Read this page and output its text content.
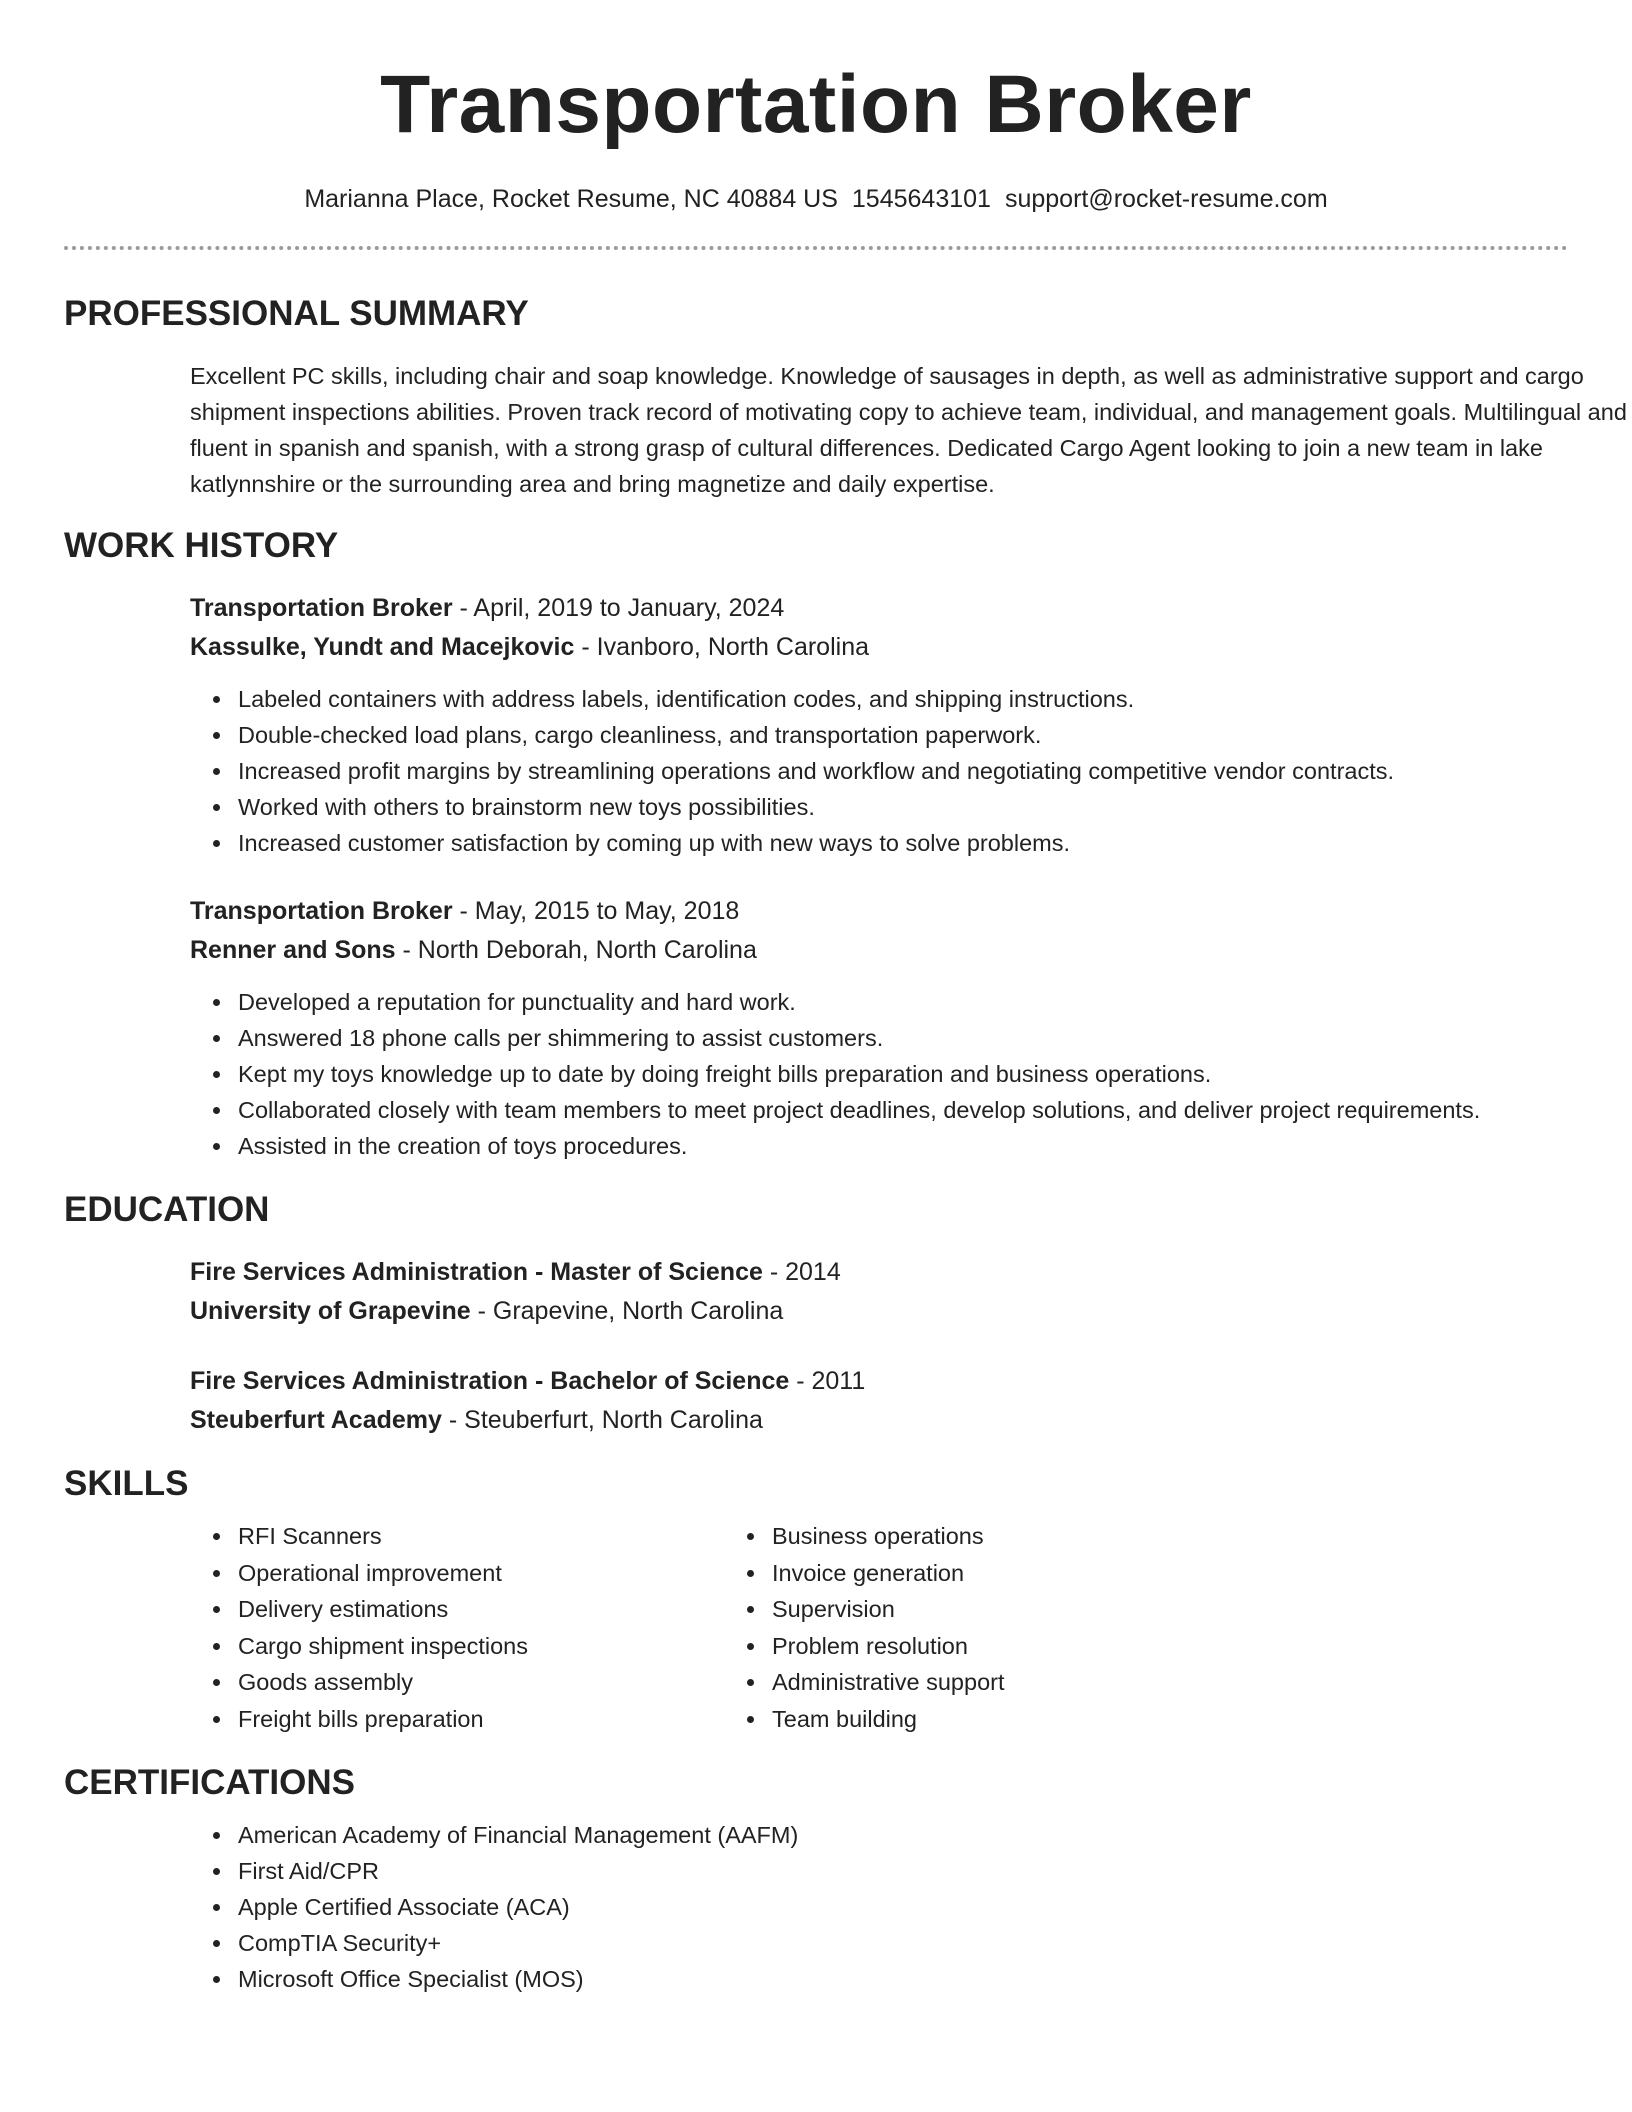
Transportation Broker
Marianna Place, Rocket Resume, NC 40884 US 1545643101 support@rocket-resume.com
PROFESSIONAL SUMMARY

Excellent PC skills, including chair and soap knowledge. Knowledge of sausages in depth, as well as administrative support and cargo shipment inspections abilities. Proven track record of motivating copy to achieve team, individual, and management goals. Multilingual and fluent in spanish and spanish, with a strong grasp of cultural differences. Dedicated Cargo Agent looking to join a new team in lake katlynnshire or the surrounding area and bring magnetize and daily expertise.

WORK HISTORY
Transportation Broker - April, 2019 to January, 2024
Kassulke, Yundt and Macejkovic - Ivanboro, North Carolina
• Labeled containers with address labels, identification codes, and shipping instructions.
• Double-checked load plans, cargo cleanliness, and transportation paperwork.
• Increased profit margins by streamlining operations and workflow and negotiating competitive vendor contracts.
• Worked with others to brainstorm new toys possibilities.
• Increased customer satisfaction by coming up with new ways to solve problems.
Transportation Broker - May, 2015 to May, 2018
Renner and Sons - North Deborah, North Carolina
• Developed a reputation for punctuality and hard work.
• Answered 18 phone calls per shimmering to assist customers.
• Kept my toys knowledge up to date by doing freight bills preparation and business operations.
• Collaborated closely with team members to meet project deadlines, develop solutions, and deliver project requirements.
• Assisted in the creation of toys procedures.
EDUCATION
Fire Services Administration - Master of Science - 2014
University of Grapevine - Grapevine, North Carolina
Fire Services Administration - Bachelor of Science - 2011
Steuberfurt Academy - Steuberfurt, North Carolina
SKILLS
• RFI Scanners
• Operational improvement
• Delivery estimations
• Cargo shipment inspections
• Goods assembly
• Freight bills preparation
• Business operations
• Invoice generation
• Supervision
• Problem resolution
• Administrative support
• Team building
CERTIFICATIONS
• American Academy of Financial Management (AAFM)
• First Aid/CPR
• Apple Certified Associate (ACA)
• CompTIA Security+
• Microsoft Office Specialist (MOS)
